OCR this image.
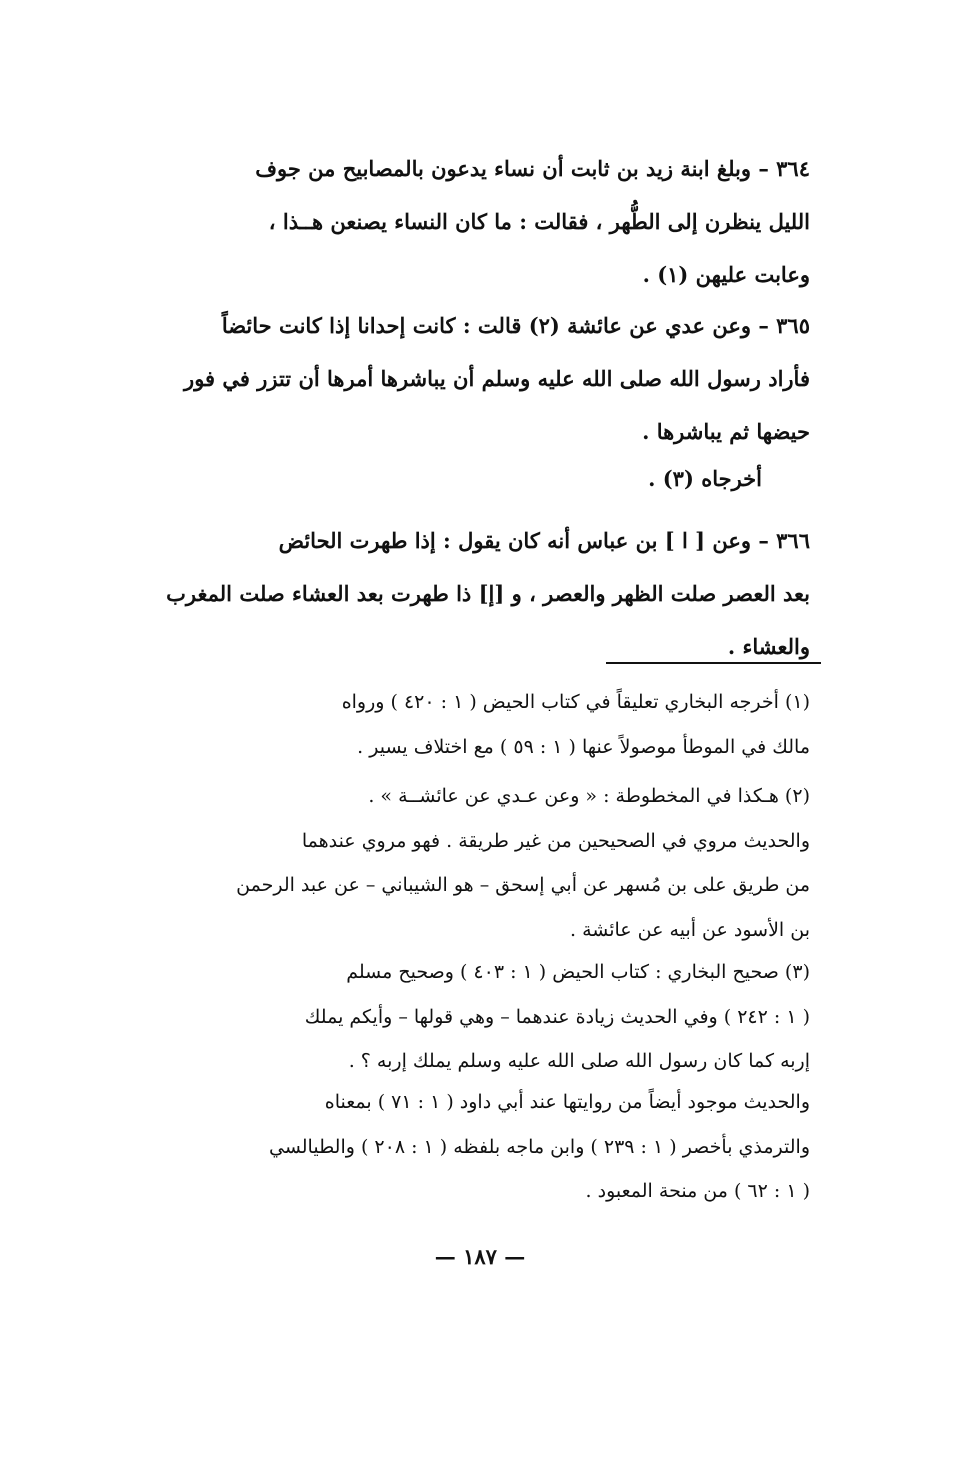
٣٦٤ – وبلغ ابنة زيد بن ثابت أن نساء يدعون بالمصابيح من جوف
الليل ينظرن إلى الطُّهر ، فقالت : ما كان النساء يصنعن هــذا ،
وعابت عليهن (١) .
٣٦٥ – وعن عدي عن عائشة (٢) قالت : كانت إحدانا إذا كانت حائضاً
فأراد رسول الله صلى الله عليه وسلم أن يباشرها أمرها أن تتزر في فور
حيضها ثم يباشرها .
أخرجاه (٣) .
٣٦٦ – وعن [ ا ] بن عباس أنه كان يقول : إذا طهرت الحائض
بعد العصر صلت الظهر والعصر ، و [إ] ذا طهرت بعد العشاء صلت المغرب
والعشاء .
(١) أخرجه البخاري تعليقاً في كتاب الحيض ( ١ : ٤٢٠ ) ورواه
مالك في الموطأ موصولاً عنها ( ١ : ٥٩ ) مع اختلاف يسير .
(٢) هـكذا في المخطوطة : « وعن عـدي عن عائشــة » .
والحديث مروي في الصحيحين من غير طريقة . فهو مروي عندهما
من طريق على بن مُسهر عن أبي إسحق – هو الشيباني – عن عبد الرحمن
بن الأسود عن أبيه عن عائشة .
(٣) صحيح البخاري : كتاب الحيض ( ١ : ٤٠٣ ) وصحيح مسلم
( ١ : ٢٤٢ ) وفي الحديث زيادة عندهما – وهي قولها – وأيكم يملك
إربه كما كان رسول الله صلى الله عليه وسلم يملك إربه ؟ .
والحديث موجود أيضاً من روايتها عند أبي داود ( ١ : ٧١ ) بمعناه
والترمذي بأخصر ( ١ : ٢٣٩ ) وابن ماجه بلفظه ( ١ : ٢٠٨ ) والطيالسي
( ١ : ٦٢ ) من منحة المعبود .
— ١٨٧ —
